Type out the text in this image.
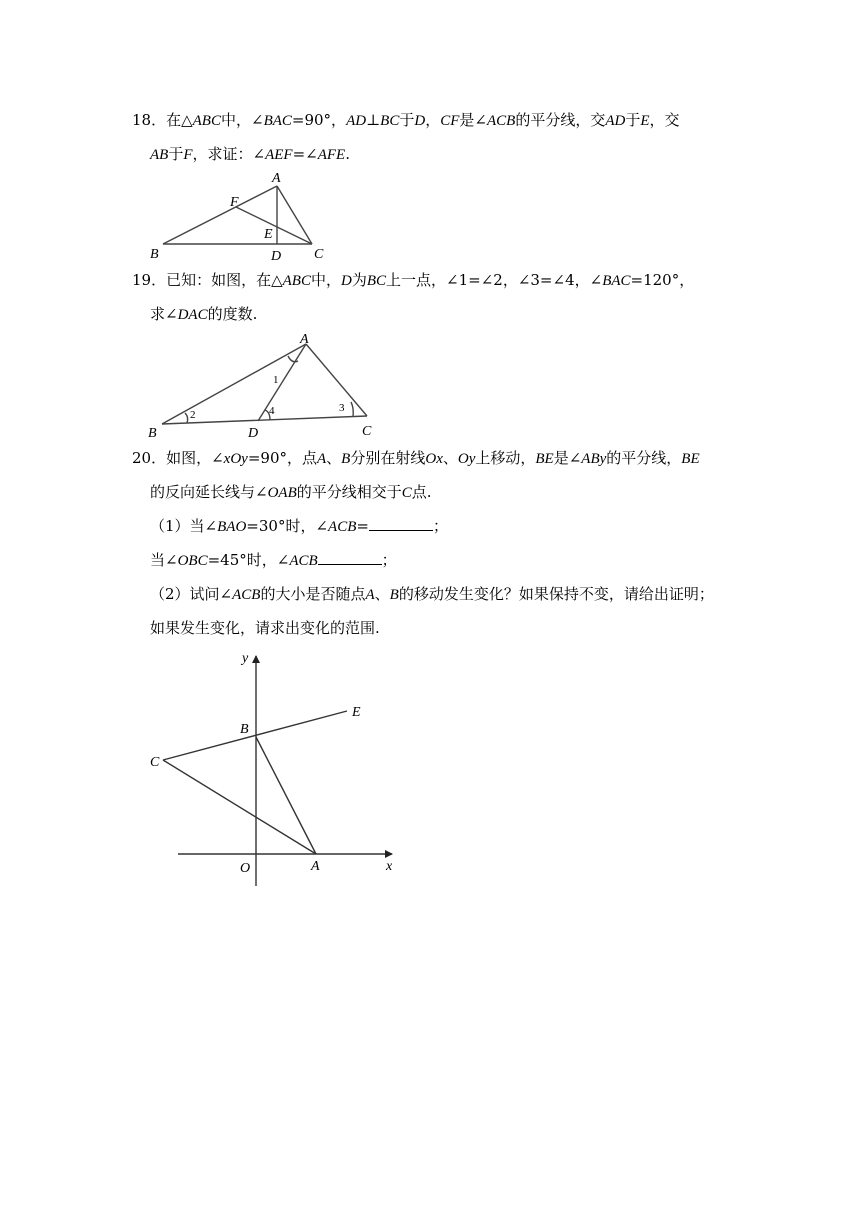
18．在△ABC中，∠BAC=90°，AD⊥BC于D，CF是∠ACB的平分线，交AD于E，交
AB于F，求证：∠AEF=∠AFE.
A
F
E
B	D C
19．已知：如图，在△ABC中，D为BC上一点，∠1=∠2，∠3=∠4，∠BAC=120°，
求∠DAC的度数.
A
B	D	C
1
2
3
4
20．如图，∠xOy=90°，点A、B分别在射线Ox、Oy上移动，BE是∠ABy的平分线，BE
的反向延长线与∠OAB的平分线相交于C点.
（1）当∠BAO=30°时，∠ACB=	；
当∠OBC=45°时，∠ACB	；
（2）试问∠ACB的大小是否随点A、B的移动发生变化？如果保持不变，请给出证明；
如果发生变化，请求出变化的范围.
y
x
O	A
B
C
E
